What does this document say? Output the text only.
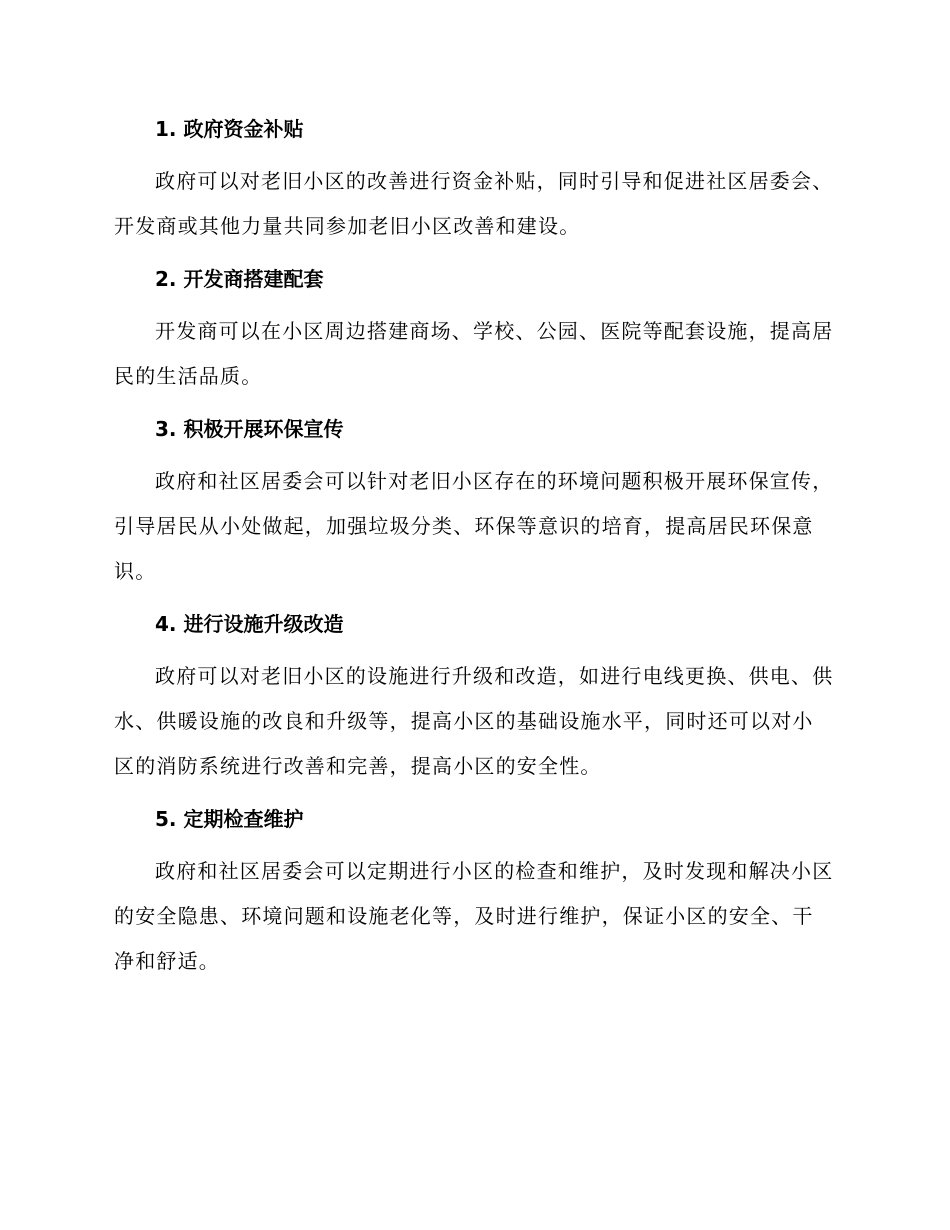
1. 政府资金补贴
政府可以对老旧小区的改善进行资金补贴，同时引导和促进社区居委会、开发商或其他力量共同参加老旧小区改善和建设。
2. 开发商搭建配套
开发商可以在小区周边搭建商场、学校、公园、医院等配套设施，提高居民的生活品质。
3. 积极开展环保宣传
政府和社区居委会可以针对老旧小区存在的环境问题积极开展环保宣传，引导居民从小处做起，加强垃圾分类、环保等意识的培育，提高居民环保意识。
4. 进行设施升级改造
政府可以对老旧小区的设施进行升级和改造，如进行电线更换、供电、供水、供暖设施的改良和升级等，提高小区的基础设施水平，同时还可以对小区的消防系统进行改善和完善，提高小区的安全性。
5. 定期检查维护
政府和社区居委会可以定期进行小区的检查和维护，及时发现和解决小区的安全隐患、环境问题和设施老化等，及时进行维护，保证小区的安全、干净和舒适。
